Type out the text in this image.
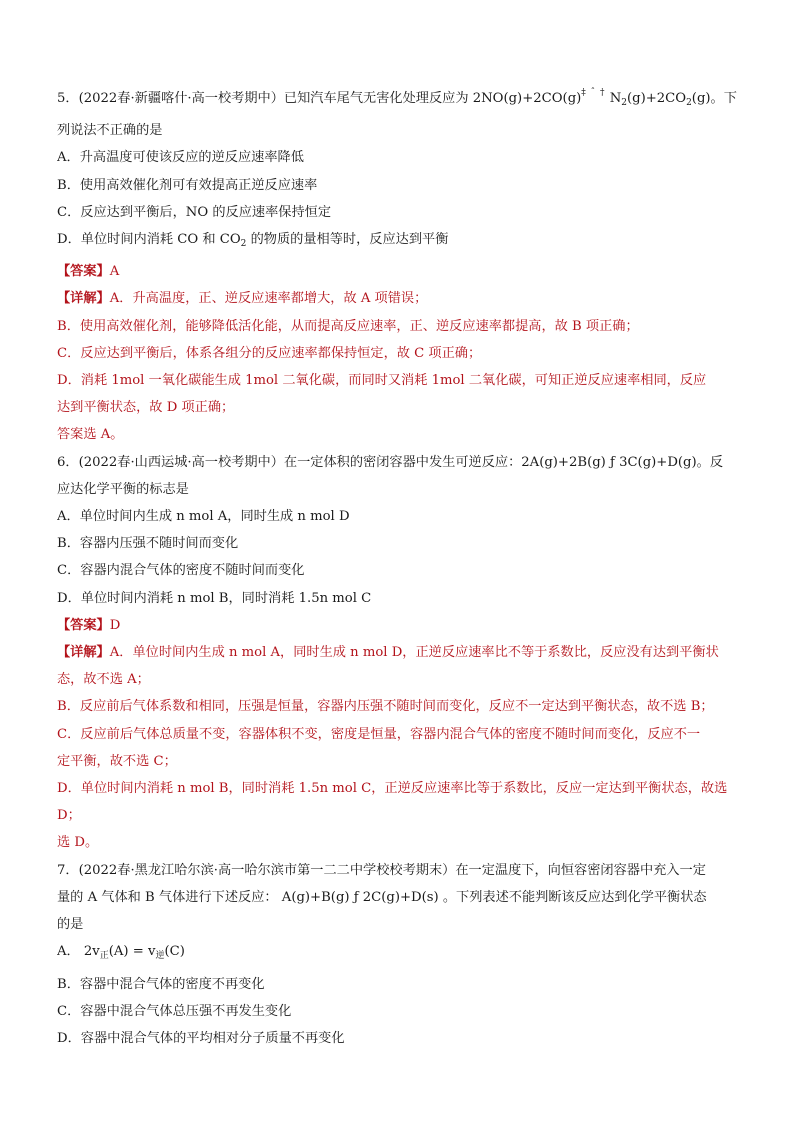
5．(2022春·新疆喀什·高一校考期中）已知汽车尾气无害化处理反应为 2NO(g)+2CO(g)‡ ˆ † $N_2(g)+2CO_2(g)$。下
列说法不正确的是
A．升高温度可使该反应的逆反应速率降低
B．使用高效催化剂可有效提高正逆反应速率
C．反应达到平衡后，NO 的反应速率保持恒定
D．单位时间内消耗 CO 和 $CO_2$ 的物质的量相等时，反应达到平衡
【答案】A
【详解】A．升高温度，正、逆反应速率都增大，故 A 项错误；
B．使用高效催化剂，能够降低活化能，从而提高反应速率，正、逆反应速率都提高，故 B 项正确；
C．反应达到平衡后，体系各组分的反应速率都保持恒定，故 C 项正确；
D．消耗 1mol 一氧化碳能生成 1mol 二氧化碳，而同时又消耗 1mol 二氧化碳，可知正逆反应速率相同，反应
达到平衡状态，故 D 项正确；
答案选 A。
6．(2022春·山西运城·高一校考期中）在一定体积的密闭容器中发生可逆反应：2A(g)+2B(g) ƒ 3C(g)+D(g)。反
应达化学平衡的标志是
A．单位时间内生成 n mol A，同时生成 n mol D
B．容器内压强不随时间而变化
C．容器内混合气体的密度不随时间而变化
D．单位时间内消耗 n mol B，同时消耗 1.5n mol C
【答案】D
【详解】A．单位时间内生成 n mol A，同时生成 n mol D，正逆反应速率比不等于系数比，反应没有达到平衡状
态，故不选 A；
B．反应前后气体系数和相同，压强是恒量，容器内压强不随时间而变化，反应不一定达到平衡状态，故不选 B；
C．反应前后气体总质量不变，容器体积不变，密度是恒量，容器内混合气体的密度不随时间而变化，反应不一
定平衡，故不选 C；
D．单位时间内消耗 n mol B，同时消耗 1.5n mol C，正逆反应速率比等于系数比，反应一定达到平衡状态，故选
D；
选 D。
7．(2022春·黑龙江哈尔滨·高一哈尔滨市第一二二中学校校考期末）在一定温度下，向恒容密闭容器中充入一定
量的 A 气体和 B 气体进行下述反应： A(g)+B(g) ƒ 2C(g)+D(s) 。下列表述不能判断该反应达到化学平衡状态
的是
A． $2v_正(A) = v_逆(C)$
B．容器中混合气体的密度不再变化
C．容器中混合气体总压强不再发生变化
D．容器中混合气体的平均相对分子质量不再变化
